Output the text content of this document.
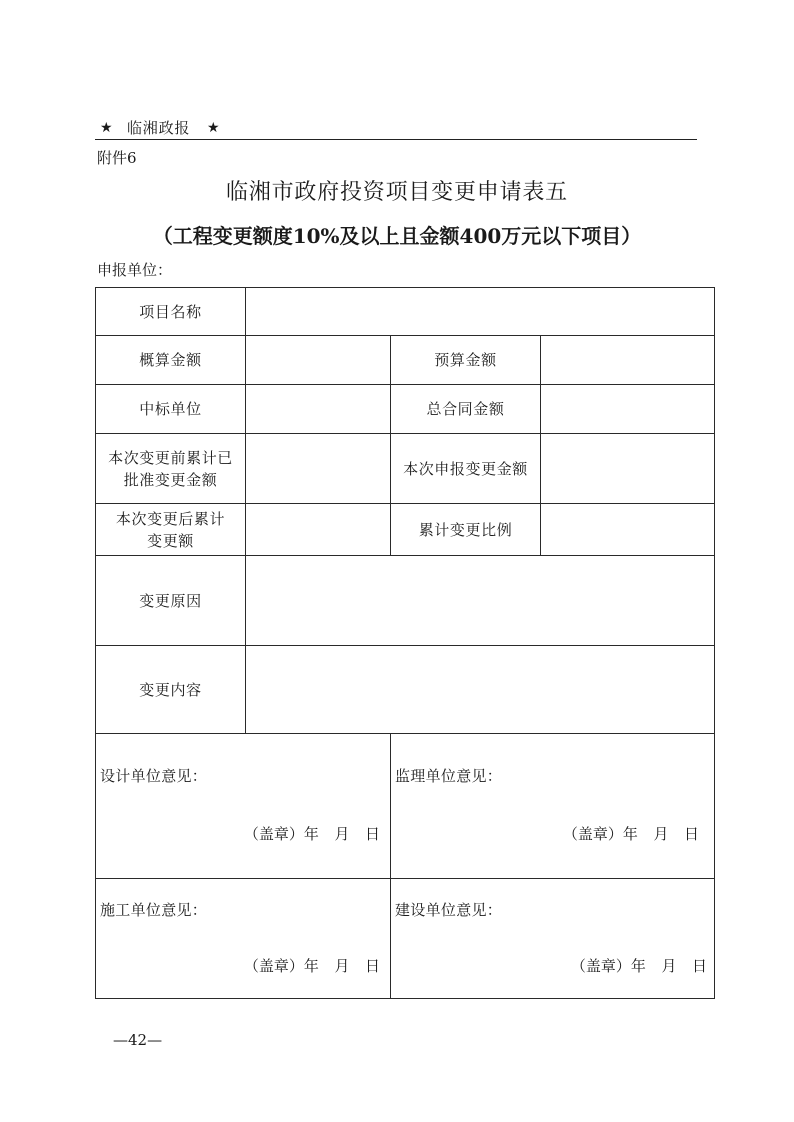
★ 临湘政报 ★
附件6
临湘市政府投资项目变更申请表五
（工程变更额度10%及以上且金额400万元以下项目）
申报单位：
项目名称
概算金额	预算金额
中标单位	总合同金额
本次变更前累计已
批准变更金额
本次申报变更金额
本次变更后累计
变更额
累计变更比例
变更原因
变更内容
设计单位意见：
（盖章）年  月  日
监理单位意见：
（盖章）年  月  日
施工单位意见：
（盖章）年  月  日
建设单位意见：
（盖章）年  月  日
—42—
